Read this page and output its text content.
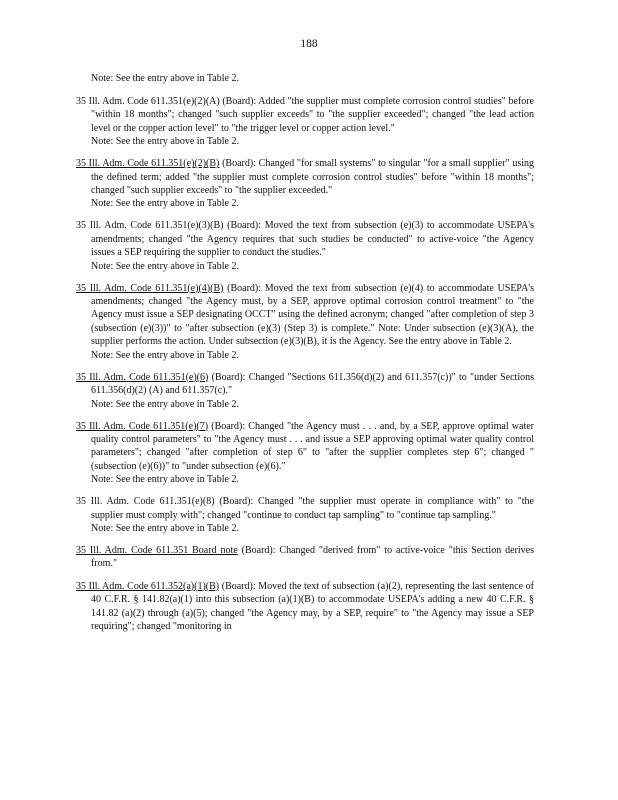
188
Note: See the entry above in Table 2.
35 Ill. Adm. Code 611.351(e)(2)(A) (Board): Added "the supplier must complete corrosion control studies" before "within 18 months"; changed "such supplier exceeds" to "the supplier exceeded"; changed "the lead action level or the copper action level" to "the trigger level or copper action level."
Note: See the entry above in Table 2.
35 Ill. Adm. Code 611.351(e)(2)(B) (Board): Changed "for small systems" to singular "for a small supplier" using the defined term; added "the supplier must complete corrosion control studies" before "within 18 months"; changed "such supplier exceeds" to "the supplier exceeded."
Note: See the entry above in Table 2.
35 Ill. Adm. Code 611.351(e)(3)(B) (Board): Moved the text from subsection (e)(3) to accommodate USEPA's amendments; changed "the Agency requires that such studies be conducted" to active-voice "the Agency issues a SEP requiring the supplier to conduct the studies."
Note: See the entry above in Table 2.
35 Ill. Adm. Code 611.351(e)(4)(B) (Board): Moved the text from subsection (e)(4) to accommodate USEPA's amendments; changed "the Agency must, by a SEP, approve optimal corrosion control treatment" to "the Agency must issue a SEP designating OCCT" using the defined acronym; changed "after completion of step 3 (subsection (e)(3))" to "after subsection (e)(3) (Step 3) is complete." Note: Under subsection (e)(3)(A), the supplier performs the action. Under subsection (e)(3)(B), it is the Agency. See the entry above in Table 2.
Note: See the entry above in Table 2.
35 Ill. Adm. Code 611.351(e)(6) (Board): Changed "Sections 611.356(d)(2) and 611.357(c))" to "under Sections 611.356(d)(2) (A) and 611.357(c)."
Note: See the entry above in Table 2.
35 Ill. Adm. Code 611.351(e)(7) (Board): Changed "the Agency must . . . and, by a SEP, approve optimal water quality control parameters" to "the Agency must . . . and issue a SEP approving optimal water quality control parameters"; changed "after completion of step 6" to "after the supplier completes step 6"; changed "(subsection (e)(6))" to "under subsection (e)(6)."
Note: See the entry above in Table 2.
35 Ill. Adm. Code 611.351(e)(8) (Board): Changed "the supplier must operate in compliance with" to "the supplier must comply with"; changed "continue to conduct tap sampling" to "continue tap sampling."
Note: See the entry above in Table 2.
35 Ill. Adm. Code 611.351 Board note (Board): Changed "derived from" to active-voice "this Section derives from."
35 Ill. Adm. Code 611.352(a)(1)(B) (Board): Moved the text of subsection (a)(2), representing the last sentence of 40 C.F.R. § 141.82(a)(1) into this subsection (a)(1)(B) to accommodate USEPA's adding a new 40 C.F.R. § 141.82 (a)(2) through (a)(5); changed "the Agency may, by a SEP, require" to "the Agency may issue a SEP requiring"; changed "monitoring in
